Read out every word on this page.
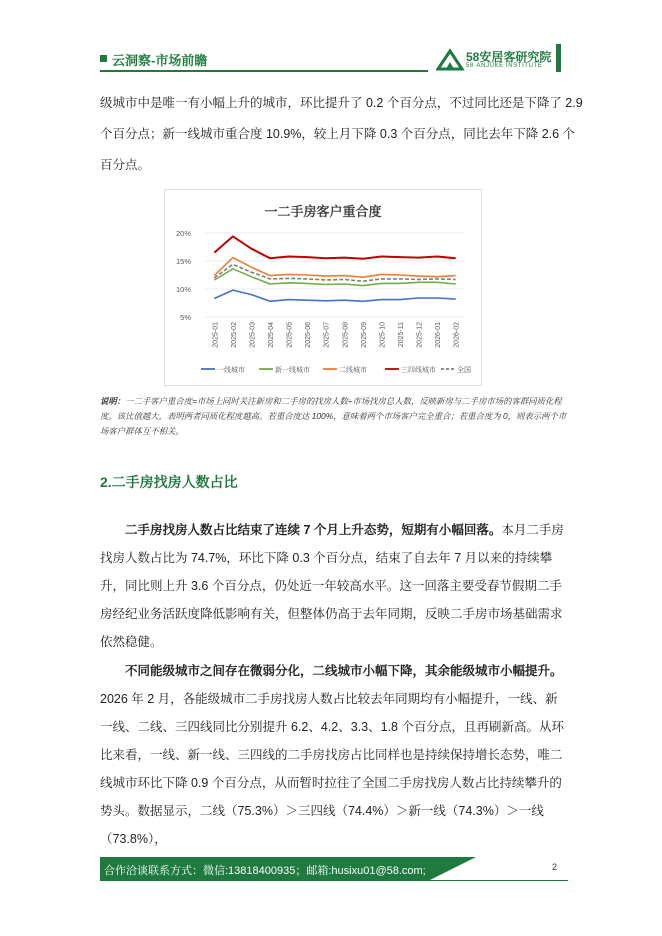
云洞察-市场前瞻	58安居客研究院
58·ANJUKE INSTITUTE
级城市中是唯一有小幅上升的城市，环比提升了 0.2 个百分点，不过同比还是下降了 2.9
个百分点；新一线城市重合度 10.9%，较上月下降 0.3 个百分点，同比去年下降 2.6 个
百分点。
一二手房客户重合度
20%
15%
10%
5%
2025-01 2025-02 2025-03 2025-04 2025-05 2025-06 2025-07 2025-08 2025-09 2025-10 2025-11 2025-12 2026-01 2026-02
一线城市	新一线城市	二线城市	三四线城市	全国
说明：一二手客户重合度=市场上同时关注新房和二手房的找房人数÷市场找房总人数，反映新房与二手房市场的客群同质化程度。该比值越大，表明两者同质化程度越高。若重合度达 100%，意味着两个市场客户完全重合；若重合度为 0，则表示两个市场客户群体互不相关。
2.二手房找房人数占比
二手房找房人数占比结束了连续 7 个月上升态势，短期有小幅回落。本月二手房找房人数占比为 74.7%，环比下降 0.3 个百分点，结束了自去年 7 月以来的持续攀升，同比则上升 3.6 个百分点，仍处近一年较高水平。这一回落主要受春节假期二手房经纪业务活跃度降低影响有关，但整体仍高于去年同期，反映二手房市场基础需求依然稳健。
不同能级城市之间存在微弱分化，二线城市小幅下降，其余能级城市小幅提升。2026 年 2 月，各能级城市二手房找房人数占比较去年同期均有小幅提升，一线、新一线、二线、三四线同比分别提升 6.2、4.2、3.3、1.8 个百分点，且再刷新高。从环比来看，一线、新一线、三四线的二手房找房占比同样也是持续保持增长态势，唯二线城市环比下降 0.9 个百分点，从而暂时拉往了全国二手房找房人数占比持续攀升的势头。数据显示，二线（75.3%）＞三四线（74.4%）＞新一线（74.3%）＞一线（73.8%），
合作洽谈联系方式：微信:13818400935；邮箱:husixu01@58.com;	2
